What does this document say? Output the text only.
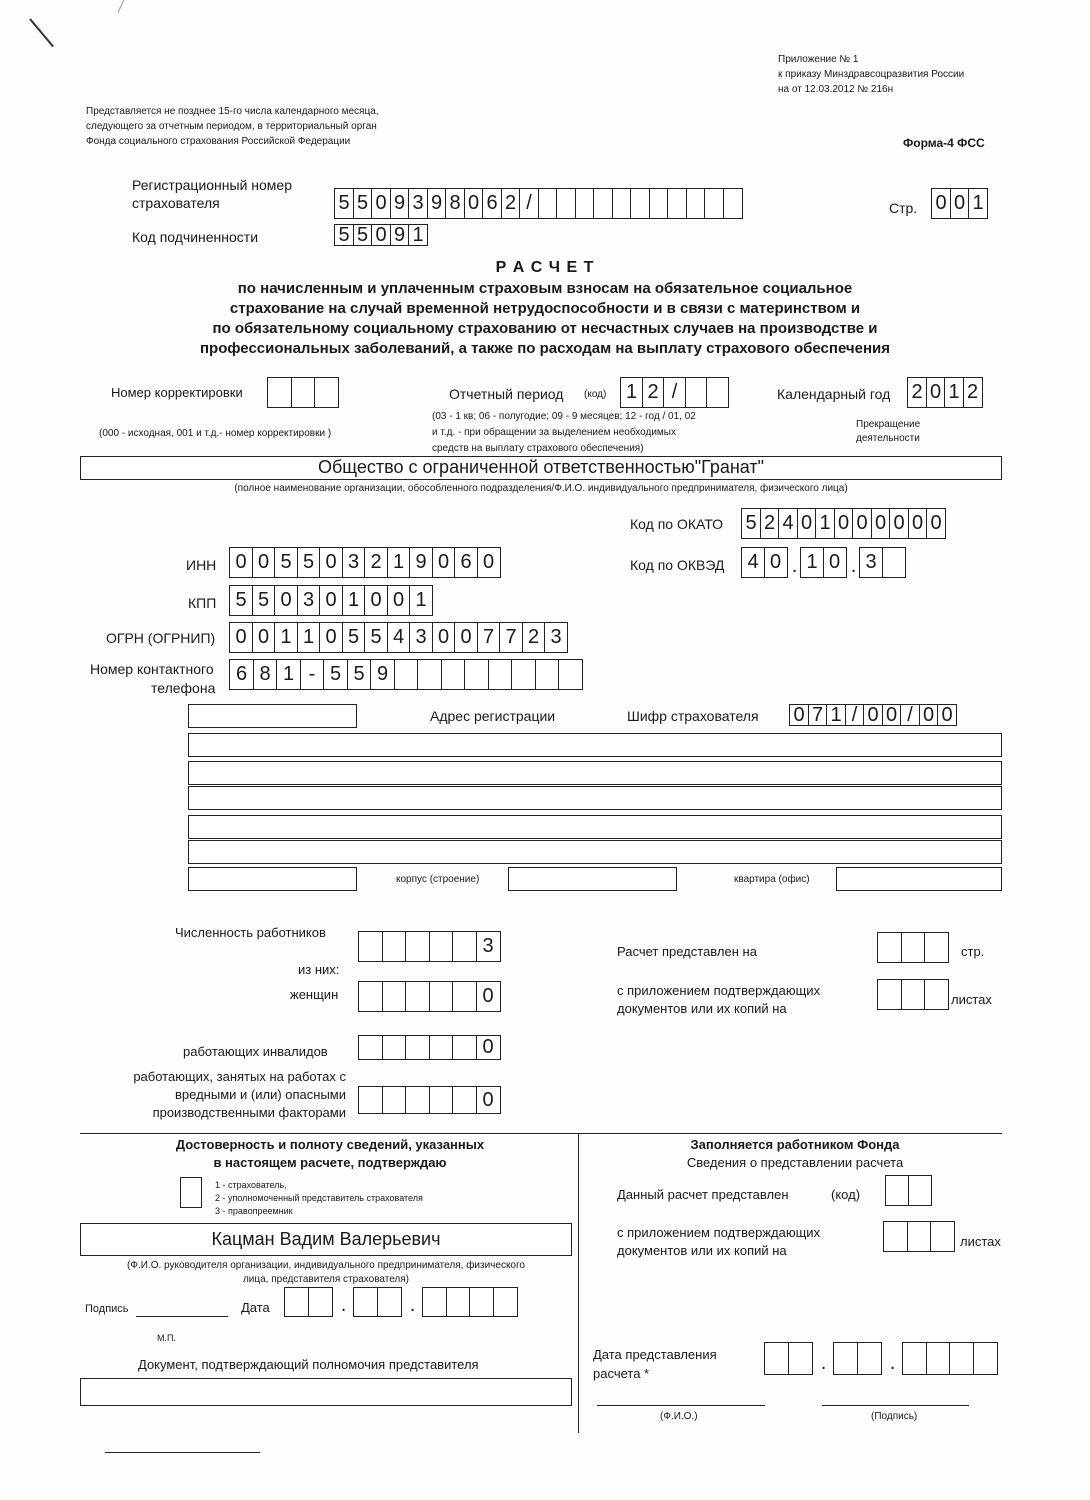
Приложение № 1
к приказу Минздравсоцразвития России
на от 12.03.2012 № 216н
Представляется не позднее 15-го числа календарного месяца,
следующего за отчетным периодом, в территориальный орган
Фонда социального страхования Российской Федерации	Форма-4 ФСС
Регистрационный номер
страхователя	5 5 0 9 3 9 8 0 6 2 /	Стр. 0 0 1
Код подчиненности	5 5 0 9 1
Р А С Ч Е Т
по начисленным и уплаченным страховым взносам на обязательное социальное
страхование на случай временной нетрудоспособности и в связи с материнством и
по обязательному социальному страхованию от несчастных случаев на производстве и
профессиональных заболеваний, а также по расходам на выплату страхового обеспечения
Номер корректировки
(000 - исходная, 001 и т.д.- номер корректировки )
Отчетный период (код) 1 2 /
(03 - 1 кв; 06 - полугодие; 09 - 9 месяцев; 12 - год / 01, 02
и т.д. - при обращении за выделением необходимых
средств на выплату страхового обеспечения)
Календарный год 2 0 1 2
Прекращение
деятельности
Общество с ограниченной ответственностью"Гранат"
(полное наименование организации, обособленного подразделения/Ф.И.О. индивидуального предпринимателя, физического лица)
Код по ОКАТО 5 2 4 0 1 0 0 0 0 0 0
ИНН 0 0 5 5 0 3 2 1 9 0 6 0	Код по ОКВЭД	4 0 . 1 0 . 3
КПП 5 5 0 3 0 1 0 0 1
ОГРН (ОГРНИП)	0 0 1 1 0 5 5 4 3 0 0 7 7 2 3
Номер контактного
телефона
6 8 1 - 5 5 9
Адрес регистрации	Шифр страхователя 0 7 1 / 0 0 / 0 0
корпус (строение)	квартира (офис)
Численность работников
3
из них:
женщин	0
работающих инвалидов	0
работающих, занятых на работах с
вредными и (или) опасными
производственными факторами
0
Расчет представлен на	стр.
с приложением подтверждающих
документов или их копий на
листах
Достоверность и полноту сведений, указанных
в настоящем расчете, подтверждаю
1 - страхователь,
2 - уполномоченный представитель страхователя
3 - правопреемник
Кацман Вадим Валерьевич
(Ф.И.О. руководителя организации, индивидуального предпринимателя, физического
лица, представителя страхователя)
Подпись	Дата	.	.
М.П.
Документ, подтверждающий полномочия представителя
Заполняется работником Фонда
Сведения о представлении расчета
Данный расчет представлен	(код)
с приложением подтверждающих
документов или их копий на
листах
Дата представления
расчета *	.	.
(Ф.И.О.)	(Подпись)
